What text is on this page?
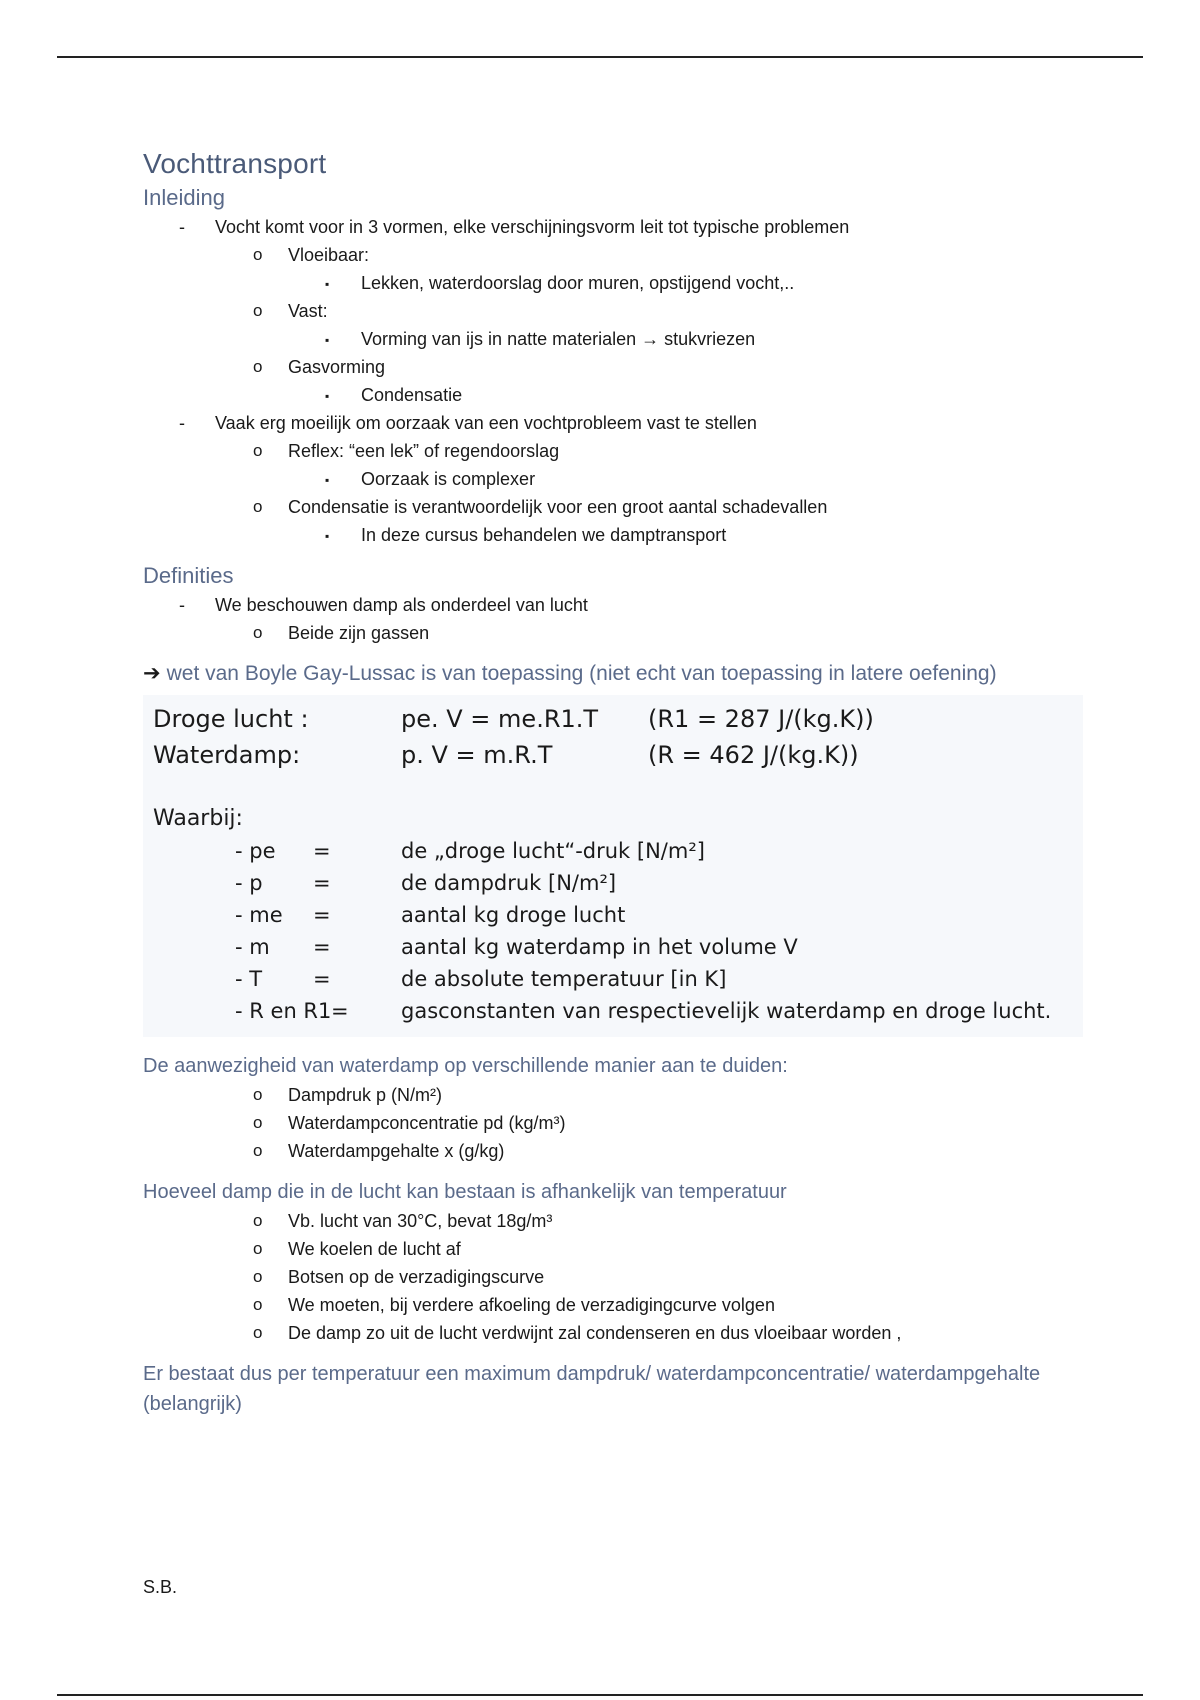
Vochttransport
Inleiding
- Vocht komt voor in 3 vormen, elke verschijningsvorm leit tot typische problemen
o Vloeibaar:
▪ Lekken, waterdoorslag door muren, opstijgend vocht,..
o Vast:
▪ Vorming van ijs in natte materialen → stukvriezen
o Gasvorming
▪ Condensatie
- Vaak erg moeilijk om oorzaak van een vochtprobleem vast te stellen
o Reflex: “een lek” of regendoorslag
▪ Oorzaak is complexer
o Condensatie is verantwoordelijk voor een groot aantal schadevallen
▪ In deze cursus behandelen we damptransport
Definities
- We beschouwen damp als onderdeel van lucht
o Beide zijn gassen
➔ wet van Boyle Gay-Lussac is van toepassing (niet echt van toepassing in latere oefening)
Droge lucht :	pe. V = me.R1.T (R1 = 287 J/(kg.K))
Waterdamp:	p. V = m.R.T	(R = 462 J/(kg.K))
Waarbij:
- pe =	de „droge lucht“-druk [N/m²]
- p =	de dampdruk [N/m²]
- me =	aantal kg droge lucht
- m =	aantal kg waterdamp in het volume V
- T =	de absolute temperatuur [in K]
- R en R1 = gasconstanten van respectievelijk waterdamp en droge lucht.
De aanwezigheid van waterdamp op verschillende manier aan te duiden:
o Dampdruk p (N/m²)
o Waterdampconcentratie pd (kg/m³)
o Waterdampgehalte x (g/kg)
Hoeveel damp die in de lucht kan bestaan is afhankelijk van temperatuur
o Vb. lucht van 30°C, bevat 18g/m³
o We koelen de lucht af
o Botsen op de verzadigingscurve
o We moeten, bij verdere afkoeling de verzadigingcurve volgen
o De damp zo uit de lucht verdwijnt zal condenseren en dus vloeibaar worden ,
Er bestaat dus per temperatuur een maximum dampdruk/ waterdampconcentratie/ waterdampgehalte (belangrijk)
S.B.
